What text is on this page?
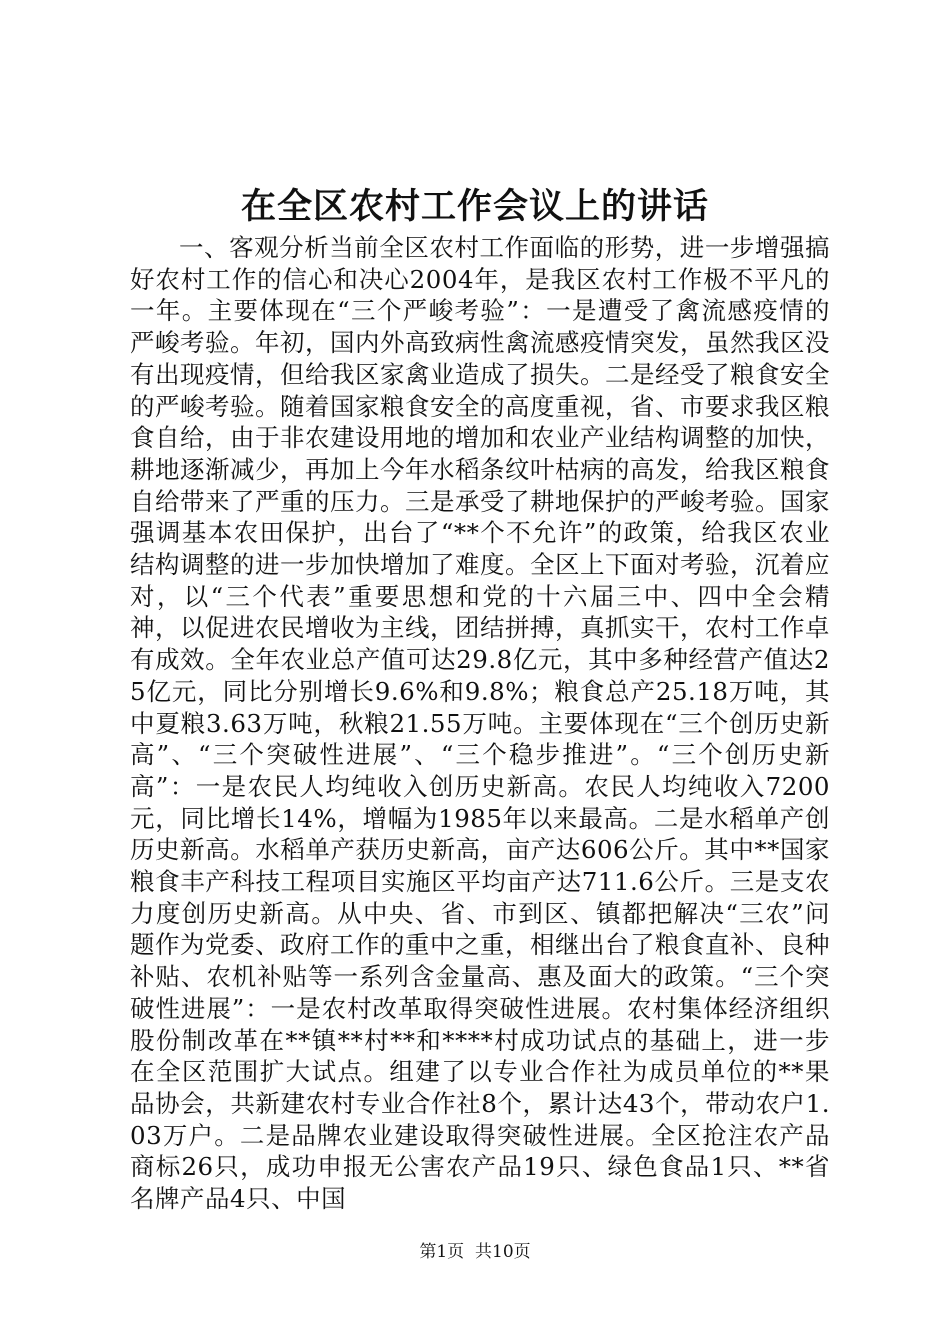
在全区农村工作会议上的讲话

一、客观分析当前全区农村工作面临的形势，进一步增强搞好农村工作的信心和决心2004年，是我区农村工作极不平凡的一年。主要体现在“三个严峻考验”：一是遭受了禽流感疫情的严峻考验。年初，国内外高致病性禽流感疫情突发，虽然我区没有出现疫情，但给我区家禽业造成了损失。二是经受了粮食安全的严峻考验。随着国家粮食安全的高度重视，省、市要求我区粮食自给，由于非农建设用地的增加和农业产业结构调整的加快，耕地逐渐减少，再加上今年水稻条纹叶枯病的高发，给我区粮食自给带来了严重的压力。三是承受了耕地保护的严峻考验。国家强调基本农田保护，出台了“**个不允许”的政策，给我区农业结构调整的进一步加快增加了难度。全区上下面对考验，沉着应对，以“三个代表”重要思想和党的十六届三中、四中全会精神，以促进农民增收为主线，团结拼搏，真抓实干，农村工作卓有成效。全年农业总产值可达29.8亿元，其中多种经营产值达25亿元，同比分别增长9.6%和9.8%；粮食总产25.18万吨，其中夏粮3.63万吨，秋粮21.55万吨。主要体现在“三个创历史新高”、“三个突破性进展”、“三个稳步推进”。“三个创历史新高”：一是农民人均纯收入创历史新高。农民人均纯收入7200元，同比增长14%，增幅为1985年以来最高。二是水稻单产创历史新高。水稻单产获历史新高，亩产达606公斤。其中**国家粮食丰产科技工程项目实施区平均亩产达711.6公斤。三是支农力度创历史新高。从中央、省、市到区、镇都把解决“三农”问题作为党委、政府工作的重中之重，相继出台了粮食直补、良种补贴、农机补贴等一系列含金量高、惠及面大的政策。“三个突破性进展”：一是农村改革取得突破性进展。农村集体经济组织股份制改革在**镇**村**和****村成功试点的基础上，进一步在全区范围扩大试点。组建了以专业合作社为成员单位的**果品协会，共新建农村专业合作社8个，累计达43个，带动农户1.03万户。二是品牌农业建设取得突破性进展。全区抢注农产品商标26只，成功申报无公害农产品19只、绿色食品1只、**省名牌产品4只、中国

第1页 共10页
